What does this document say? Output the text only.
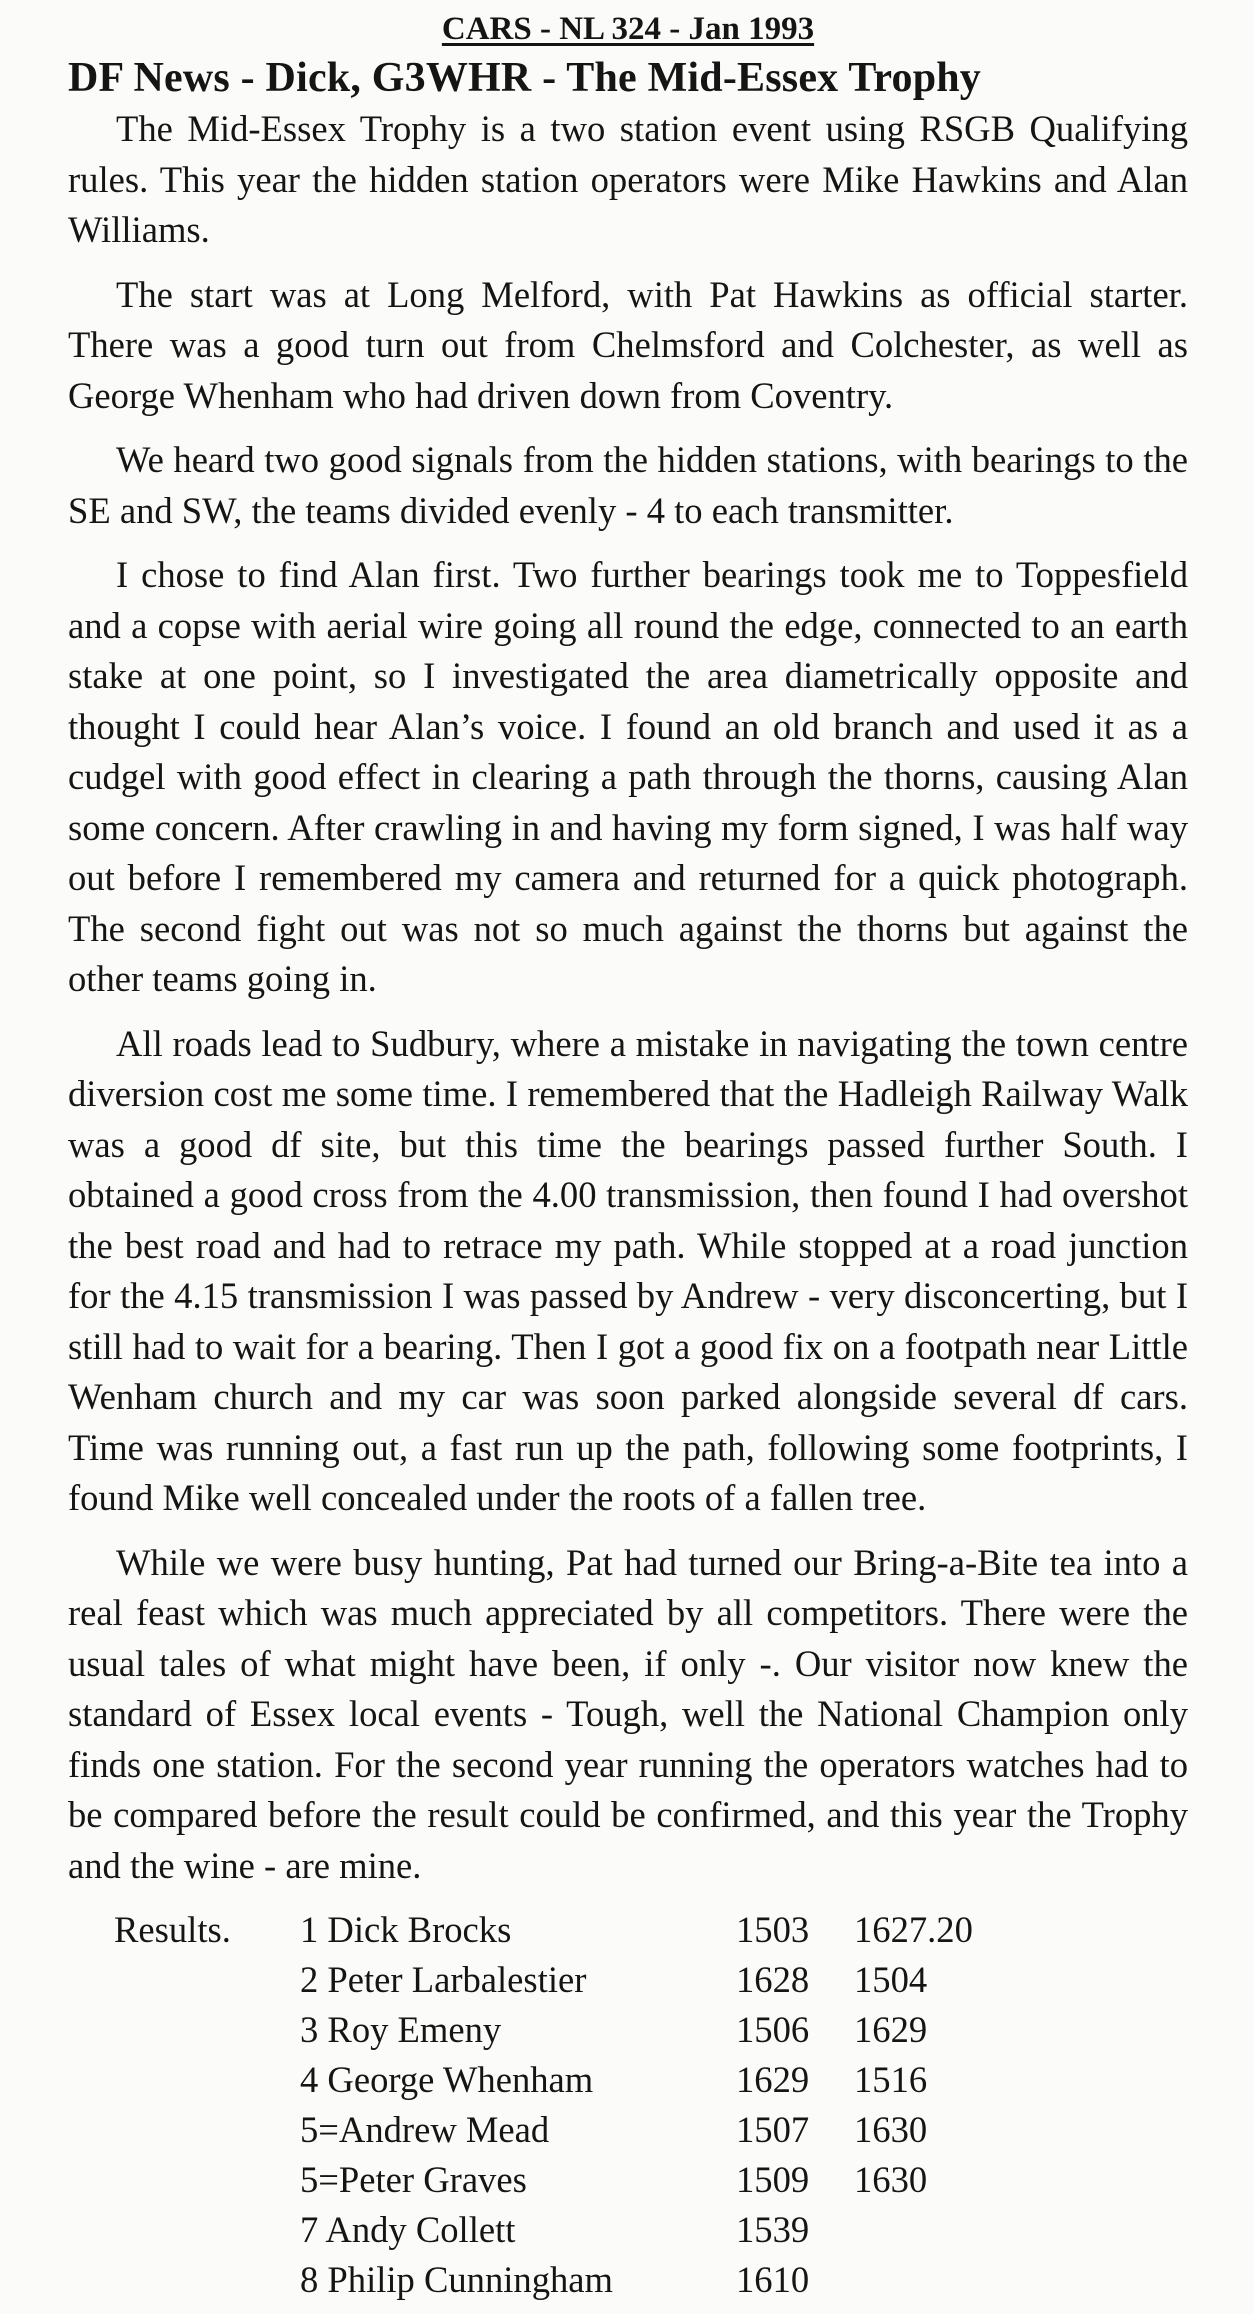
CARS - NL 324 - Jan 1993
DF News - Dick, G3WHR - The Mid-Essex Trophy

The Mid-Essex Trophy is a two station event using RSGB Qualifying rules. This year the hidden station operators were Mike Hawkins and Alan Williams.

The start was at Long Melford, with Pat Hawkins as official starter. There was a good turn out from Chelmsford and Colchester, as well as George Whenham who had driven down from Coventry.

We heard two good signals from the hidden stations, with bearings to the SE and SW, the teams divided evenly - 4 to each transmitter.

I chose to find Alan first. Two further bearings took me to Toppesfield and a copse with aerial wire going all round the edge, connected to an earth stake at one point, so I investigated the area diametrically opposite and thought I could hear Alan’s voice. I found an old branch and used it as a cudgel with good effect in clearing a path through the thorns, causing Alan some concern. After crawling in and having my form signed, I was half way out before I remembered my camera and returned for a quick photograph. The second fight out was not so much against the thorns but against the other teams going in.

All roads lead to Sudbury, where a mistake in navigating the town centre diversion cost me some time. I remembered that the Hadleigh Railway Walk was a good df site, but this time the bearings passed further South. I obtained a good cross from the 4.00 transmission, then found I had overshot the best road and had to retrace my path. While stopped at a road junction for the 4.15 transmission I was passed by Andrew - very disconcerting, but I still had to wait for a bearing. Then I got a good fix on a footpath near Little Wenham church and my car was soon parked alongside several df cars. Time was running out, a fast run up the path, following some footprints, I found Mike well concealed under the roots of a fallen tree.

While we were busy hunting, Pat had turned our Bring-a-Bite tea into a real feast which was much appreciated by all competitors. There were the usual tales of what might have been, if only -. Our visitor now knew the standard of Essex local events - Tough, well the National Champion only finds one station. For the second year running the operators watches had to be compared before the result could be confirmed, and this year the Trophy and the wine - are mine.

Results. 1 Dick Brocks	1503	1627.20
2 Peter Larbalestier	1628	1504
3 Roy Emeny	1506	1629
4 George Whenham	1629	1516
5=Andrew Mead	1507	1630
5=Peter Graves	1509	1630
7 Andy Collett	1539	
8 Philip Cunningham	1610	
